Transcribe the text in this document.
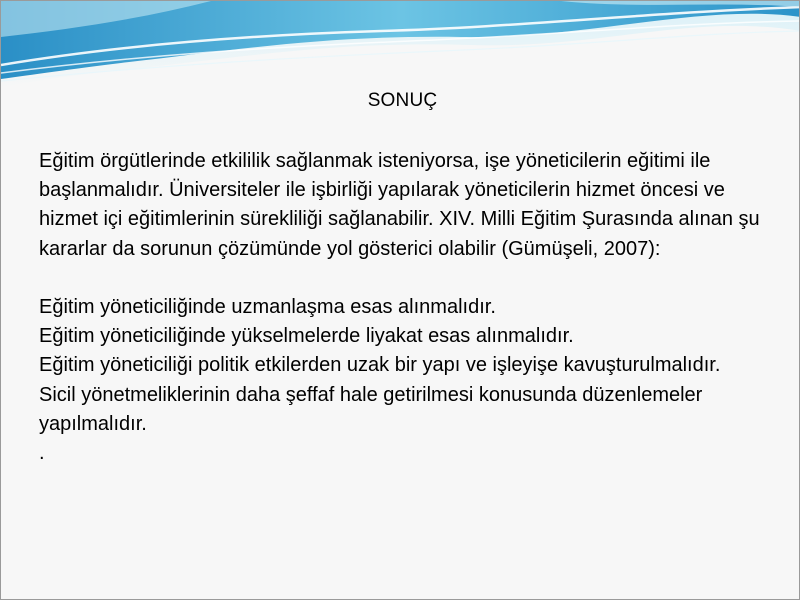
SONUÇ

Eğitim örgütlerinde etkililik sağlanmak isteniyorsa, işe yöneticilerin eğitimi ile başlanmalıdır. Üniversiteler ile işbirliği yapılarak yöneticilerin hizmet öncesi ve hizmet içi eğitimlerinin sürekliliği sağlanabilir. XIV. Milli Eğitim Şurasında alınan şu kararlar da sorunun çözümünde yol gösterici olabilir (Gümüşeli, 2007):

Eğitim yöneticiliğinde uzmanlaşma esas alınmalıdır.

Eğitim yöneticiliğinde yükselmelerde liyakat esas alınmalıdır.

Eğitim yöneticiliği politik etkilerden uzak bir yapı ve işleyişe kavuşturulmalıdır.

Sicil yönetmeliklerinin daha şeffaf hale getirilmesi konusunda düzenlemeler yapılmalıdır.

.
